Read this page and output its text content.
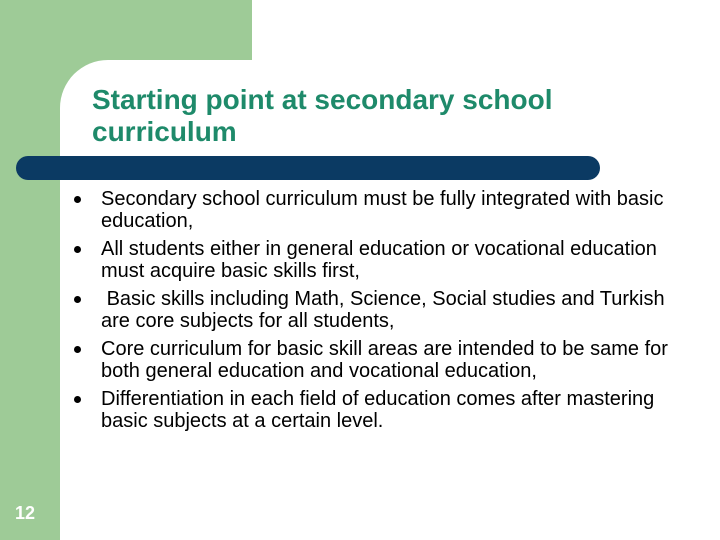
Starting point at secondary school curriculum
Secondary school curriculum must be fully integrated with basic education,
All students either in general education or vocational education must acquire basic skills first,
Basic skills including Math, Science, Social studies and Turkish are core subjects for all students,
Core curriculum for basic skill areas are intended to be same for both general education and vocational education,
Differentiation in each field of education comes after mastering basic subjects at a certain level.
12
